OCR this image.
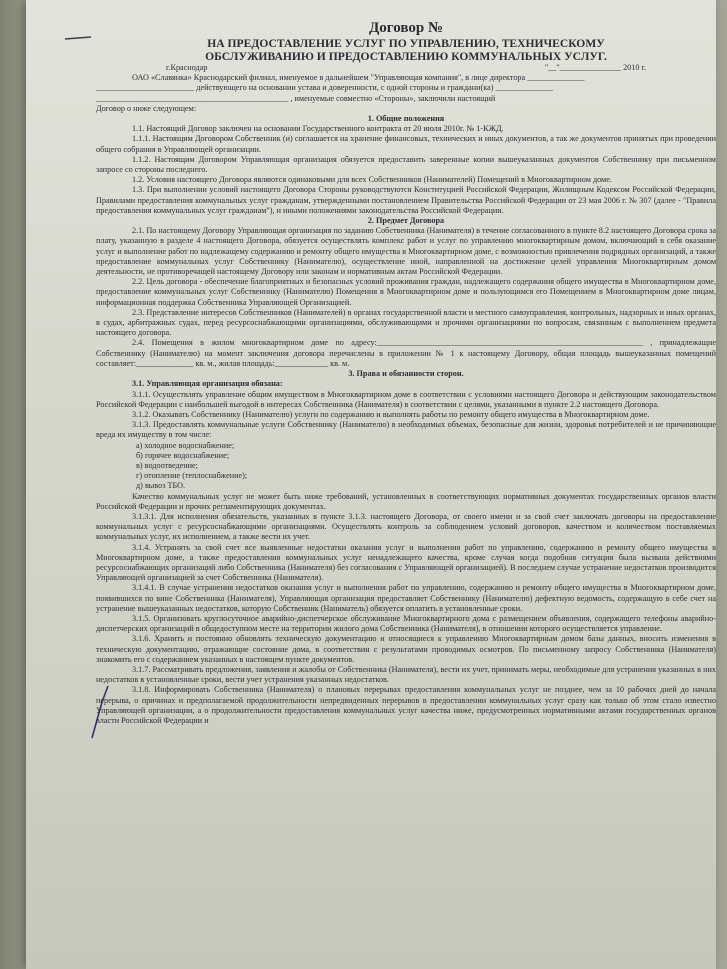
Договор №

НА ПРЕДОСТАВЛЕНИЕ УСЛУГ ПО УПРАВЛЕНИЮ, ТЕХНИЧЕСКОМУ

ОБСЛУЖИВАНИЮ И ПРЕДОСТАВЛЕНИЮ КОММУНАЛЬНЫХ УСЛУГ.

г.Краснодар	"__"_______________ 2010 г.

ОАО «Славянка» Краснодарский филиал, именуемое в дальнейшем "Управляющая компания", в лице директора ______________

________________________ действующего на основании устава и доверенности, с одной стороны и граждани(ка) ______________

_______________________________________________ , именуемые совместно «Стороны», заключили настоящий

Договор о ниже следующем:

1. Общие положения

1.1. Настоящий Договор заключен на основании Государственного контракта от 20 июля 2010г. № 1-КЖД.

1.1.1. Настоящим Договором Собственник (и) соглашается на хранение финансовых, технических и иных документов, а так же документов принятых при проведении общего собрания в Управляющей организации.

1.1.2. Настоящим Договором Управляющая организация обязуется предоставить заверенные копии вышеуказанных документов Собственнику при письменном запросе со стороны последнего.

1.2. Условия настоящего Договора являются одинаковыми для всех Собственников (Нанимателей) Помещений в Многоквартирном доме.

1.3. При выполнении условий настоящего Договора Стороны руководствуются Конституцией Российской Федерации, Жилищным Кодексом Российской Федерации, Правилами предоставления коммунальных услуг гражданам, утвержденными постановлением Правительства Российской Федерации от 23 мая 2006 г. № 307 (далее - "Правила предоставления коммунальных услуг гражданам"), и иными положениями законодательства Российской Федерации.

2. Предмет Договора

2.1. По настоящему Договору Управляющая организация по заданию Собственника (Нанимателя) в течение согласованного в пункте 8.2 настоящего Договора срока за плату, указанную в разделе 4 настоящего Договора, обязуется осуществлять комплекс работ и услуг по управлению многоквартирным домом, включающий в себя оказание услуг и выполнение работ по надлежащему содержанию и ремонту общего имущества в Многоквартирном доме, с возможностью привлечения подрядных организаций, а также предоставление коммунальных услуг Собственнику (Нанимателю), осуществление иной, направленной на достижение целей управления Многоквартирным домом деятельности, не противоречащей настоящему Договору или законам и нормативным актам Российской Федерации.

2.2. Цель договора - обеспечение благоприятных и безопасных условий проживания граждан, надлежащего содержания общего имущества в Многоквартирном доме, предоставление коммунальных услуг Собственнику (Нанимателю) Помещения в Многоквартирном доме и пользующимся его Помещением в Многоквартирном доме лицам, информационная поддержка Собственника Управляющей Организацией.

2.3. Представление интересов Собственников (Нанимателей) в органах государственной власти и местного самоуправления, контрольных, надзорных и иных органах, в судах, арбитражных судах, перед ресурсоснабжающими организациями, обслуживающими и прочими организациями по вопросам, связанным с выполнением предмета настоящего договора.

2.4. Помещения в жилом многоквартирном доме по адресу:_________________________________________________________________ , принадлежащие Собственнику (Нанимателю) на момент заключения договора перечислены в приложении № 1 к настоящему Договору, общая площадь вышеуказанных помещений составляет:______________ кв. м., жилая площадь:_____________ кв. м.

3. Права и обязанности сторон.

3.1. Управляющая организация обязана:

3.1.1. Осуществлять управление общим имуществом в Многоквартирном доме в соответствии с условиями настоящего Договора и действующим законодательством Российской Федерации с наибольшей выгодой в интересах Собственника (Нанимателя) в соответствии с целями, указанными в пункте 2.2 настоящего Договора.

3.1.2. Оказывать Собственнику (Нанимателю) услуги по содержанию и выполнять работы по ремонту общего имущества в Многоквартирном доме.

3.1.3. Предоставлять коммунальные услуги Собственнику (Нанимателю) в необходимых объемах, безопасные для жизни, здоровья потребителей и не причиняющие вреда их имуществу в том числе:

а) холодное водоснабжение;

б) горячее водоснабжение;

в) водоотведение;

г) отопление (теплоснабжение);

д) вывоз ТБО.

Качество коммунальных услуг не может быть ниже требований, установленных в соответствующих нормативных документах государственных органов власти Российской Федерации и прочих регламентирующих документах.

3.1.3.1. Для исполнения обязательств, указанных в пункте 3.1.3. настоящего Договора, от своего имени и за свой счет заключать договоры на предоставление коммунальных услуг с ресурсоснабжающими организациями. Осуществлять контроль за соблюдением условий договоров, качеством и количеством поставляемых коммунальных услуг, их исполнением, а также вести их учет.

3.1.4. Устранять за свой счет все выявленные недостатки оказания услуг и выполнения работ по управлению, содержанию и ремонту общего имущества в Многоквартирном доме, а также предоставления коммунальных услуг ненадлежащего качества, кроме случая когда подобная ситуация была вызвана действиями ресурсоснабжающих организаций либо Собственника (Нанимателя) без согласования с Управляющей организацией). В последнем случае устранение недостатков производится Управляющей организацией за счет Собственника (Нанимателя).

3.1.4.1. В случае устранения недостатков оказания услуг и выполнения работ по управлению, содержанию и ремонту общего имущества в Многоквартирном доме, появившихся по вине Собственника (Нанимателя), Управляющая организация предоставляет Собственнику (Нанимателю) дефектную ведомость, содержащую в себе счет на устранение вышеуказанных недостатков, которую Собственник (Наниматель) обязуется оплатить в установленные сроки.

3.1.5. Организовать круглосуточное аварийно-диспетчерское обслуживание Многоквартирного дома с размещением объявления, содержащего телефоны аварийно-диспетчерских организаций в общедоступном месте на территории жилого дома Собственника (Нанимателя), в отношении которого осуществляется управление.

3.1.6. Хранить и постоянно обновлять техническую документацию и относящиеся к управлению Многоквартирным домом базы данных, вносить изменения в техническую документацию, отражающие состояние дома, в соответствии с результатами проводимых осмотров. По письменному запросу Собственника (Нанимателя) знакомить его с содержанием указанных в настоящем пункте документов.

3.1.7. Рассматривать предложения, заявления и жалобы от Собственника (Нанимателя), вести их учет, принимать меры, необходимые для устранения указанных в них недостатков в установленные сроки, вести учет устранения указанных недостатков.

3.1.8. Информировать Собственника (Нанимателя) о плановых перерывах предоставления коммунальных услуг не позднее, чем за 10 рабочих дней до начала перерыва, о причинах и предполагаемой продолжительности непредвиденных перерывов в предоставлении коммунальных услуг сразу как только об этом стало известно Управляющей организации, а о продолжительности предоставления коммунальных услуг качества ниже, предусмотренных нормативными актами государственных органов власти Российской Федерации и
